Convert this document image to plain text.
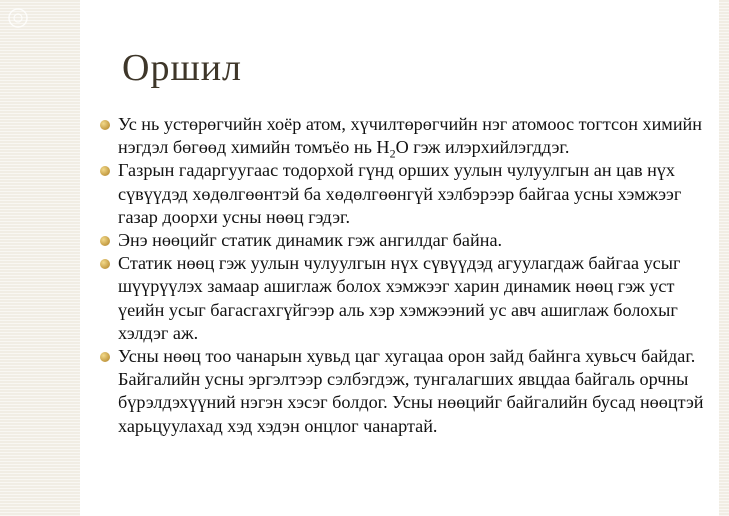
Оршил
Ус нь устөрөгчийн хоёр атом, хүчилтөрөгчийн нэг атомоос тогтсон химийн нэгдэл бөгөөд химийн томъёо нь $H_2O$ гэж илэрхийлэгддэг.
Газрын гадаргуугаас тодорхой гүнд орших уулын чулуулгын ан цав нүх сүвүүдэд хөдөлгөөнтэй ба хөдөлгөөнгүй хэлбэрээр байгаа усны хэмжээг газар доорхи усны нөөц гэдэг.
Энэ нөөцийг статик динамик гэж ангилдаг байна.
Статик нөөц гэж уулын чулуулгын нүх сүвүүдэд агуулагдаж байгаа усыг шүүрүүлэх замаар ашиглаж болох хэмжээг харин динамик нөөц гэж уст үеийн усыг багасгахгүйгээр аль хэр хэмжээний ус авч ашиглаж болохыг хэлдэг аж.
Усны нөөц тоо чанарын хувьд цаг хугацаа орон зайд байнга хувьсч байдаг. Байгалийн усны эргэлтээр сэлбэгдэж, тунгалагшиx явцдаа байгаль орчны бүрэлдэхүүний нэгэн хэсэг болдог. Усны нөөцийг байгалийн бусад нөөцтэй харьцуулахад хэд хэдэн онцлог чанартай.
